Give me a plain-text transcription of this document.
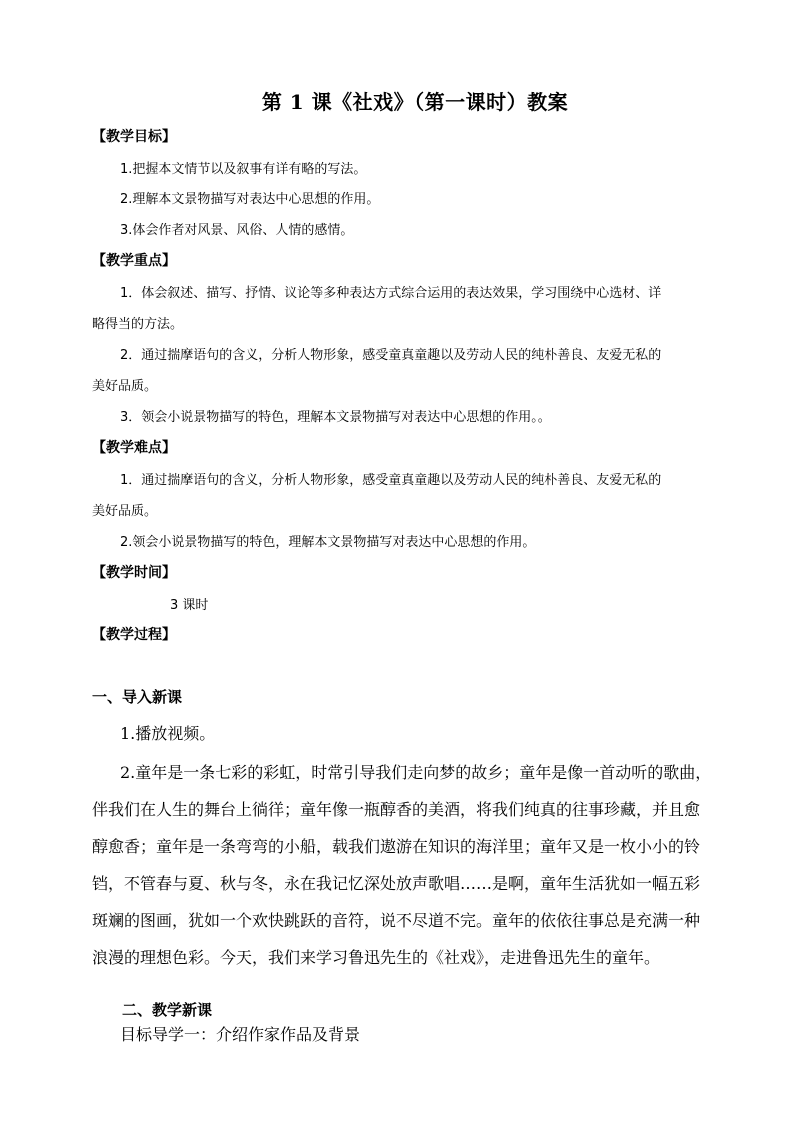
第 1 课《社戏》（第一课时）教案
【教学目标】
1.把握本文情节以及叙事有详有略的写法。
2.理解本文景物描写对表达中心思想的作用。
3.体会作者对风景、风俗、人情的感情。
【教学重点】
1．体会叙述、描写、抒情、议论等多种表达方式综合运用的表达效果，学习围绕中心选材、详
略得当的方法。
2．通过揣摩语句的含义，分析人物形象，感受童真童趣以及劳动人民的纯朴善良、友爱无私的
美好品质。
3．领会小说景物描写的特色，理解本文景物描写对表达中心思想的作用。。
【教学难点】
1．通过揣摩语句的含义，分析人物形象，感受童真童趣以及劳动人民的纯朴善良、友爱无私的
美好品质。
2.领会小说景物描写的特色，理解本文景物描写对表达中心思想的作用。
【教学时间】
3 课时
【教学过程】
一、导入新课
1.播放视频。
2.童年是一条七彩的彩虹，时常引导我们走向梦的故乡；童年是像一首动听的歌曲，
伴我们在人生的舞台上徜徉；童年像一瓶醇香的美酒，将我们纯真的往事珍藏，并且愈
醇愈香；童年是一条弯弯的小船，载我们遨游在知识的海洋里；童年又是一枚小小的铃
铛，不管春与夏、秋与冬，永在我记忆深处放声歌唱……是啊，童年生活犹如一幅五彩
斑斓的图画，犹如一个欢快跳跃的音符，说不尽道不完。童年的依依往事总是充满一种
浪漫的理想色彩。今天，我们来学习鲁迅先生的《社戏》，走进鲁迅先生的童年。
二、教学新课
目标导学一：介绍作家作品及背景
